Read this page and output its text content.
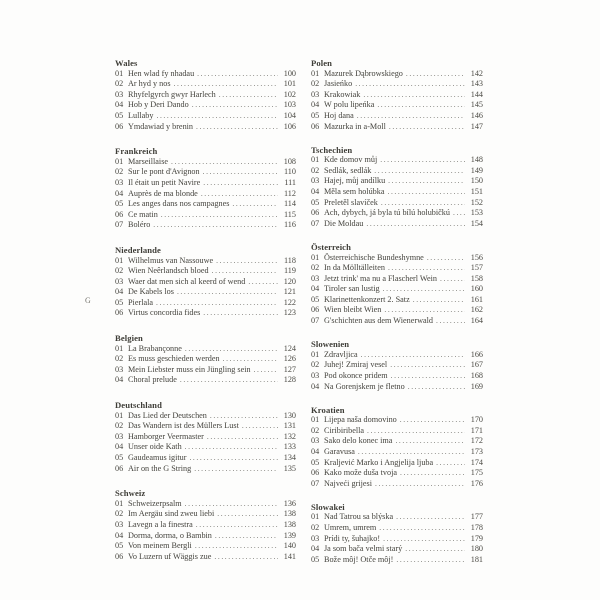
G
Wales
01 Hen wlad fy nhadau .....	100
02 Ar hyd y nos .....	101
03 Rhyfelgyrch gwyr Harlech .....	102
04 Hob y Deri Dando .....	103
05 Lullaby .....	104
06 Ymdawiad y brenin .....	106
Frankreich
01 Marseillaise .....	108
02 Sur le pont d'Avignon .....	110
03 Il était un petit Navire .....	111
04 Auprès de ma blonde .....	112
05 Les anges dans nos campagnes .....	114
06 Ce matin .....	115
07 Boléro .....	116
Niederlande
01 Wilhelmus van Nassouwe .....	118
02 Wien Neêrlandsch bloed .....	119
03 Waer dat men sich al keerd of wend .....	120
04 De Kabels los .....	121
05 Pierlala .....	122
06 Virtus concordia fides .....	123
Belgien
01 La Brabançonne .....	124
02 Es muss geschieden werden .....	126
03 Mein Liebster muss ein Jüngling sein .....	127
04 Choral prelude .....	128
Deutschland
01 Das Lied der Deutschen .....	130
02 Das Wandern ist des Müllers Lust .....	131
03 Hamborger Veermaster .....	132
04 Unser oide Kath .....	133
05 Gaudeamus igitur .....	134
06 Air on the G String .....	135
Schweiz
01 Schweizerpsalm .....	136
02 Im Aergäu sind zweu liebi .....	138
03 Lavegn a la finestra .....	138
04 Dorma, dorma, o Bambin .....	139
05 Von meinem Bergli .....	140
06 Vo Luzern uf Wäggis zue .....	141
Polen
01 Mazurek Dąbrowskiego .....	142
02 Jasieńko .....	143
03 Krakowiak .....	144
04 W polu lipeńka .....	145
05 Hoj dana .....	146
06 Mazurka in a-Moll .....	147
Tschechien
01 Kde domov můj .....	148
02 Sedlák, sedlák .....	149
03 Hajej, můj andílku .....	150
04 Měla sem holúbka .....	151
05 Preletěl slavíček .....	152
06 Ach, dybych, já byla tú bílú holubičkú .....	153
07 Die Moldau .....	154
Österreich
01 Österreichische Bundeshymne .....	156
02 In da Mölltälleiten .....	157
03 Jetzt trink' ma nu a Flascherl Wein .....	158
04 Tiroler san lustig .....	160
05 Klarinettenkonzert 2. Satz .....	161
06 Wien bleibt Wien .....	162
07 G'schichten aus dem Wienerwald .....	164
Slowenien
01 Zdravljica .....	166
02 Juhej! Zmiraj vesel .....	167
03 Pod okonce pridem .....	168
04 Na Gorenjskem je fletno .....	169
Kroatien
01 Lijepa naša domovino .....	170
02 Ciribiribella .....	171
03 Sako delo konec ima .....	172
04 Garavusa .....	173
05 Kraljević Marko i Angjelija ljuba .....	174
06 Kako može duša tvoja .....	175
07 Najveći grijesi .....	176
Slowakei
01 Nad Tatrou sa blýska .....	177
02 Umrem, umrem .....	178
03 Prídi ty, šuhajko! .....	179
04 Ja som bača velmi starý .....	180
05 Bože môj! Otče môj! .....	181
